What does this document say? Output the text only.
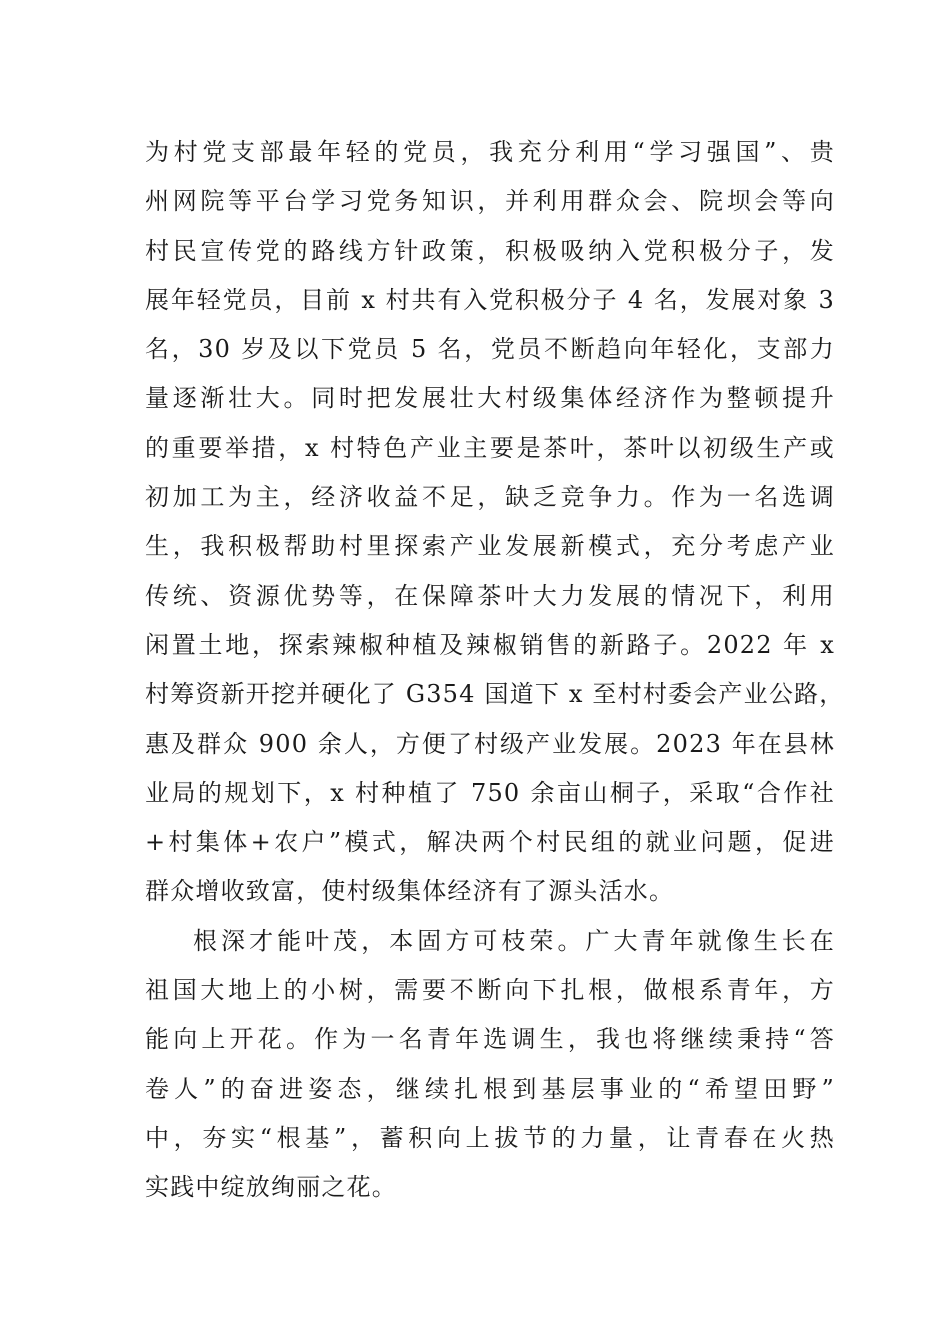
为村党支部最年轻的党员，我充分利用“学习强国”、贵
州网院等平台学习党务知识，并利用群众会、院坝会等向
村民宣传党的路线方针政策，积极吸纳入党积极分子，发
展年轻党员，目前 x 村共有入党积极分子 4 名，发展对象 3
名，30 岁及以下党员 5 名，党员不断趋向年轻化，支部力
量逐渐壮大。同时把发展壮大村级集体经济作为整顿提升
的重要举措，x 村特色产业主要是茶叶，茶叶以初级生产或
初加工为主，经济收益不足，缺乏竞争力。作为一名选调
生，我积极帮助村里探索产业发展新模式，充分考虑产业
传统、资源优势等，在保障茶叶大力发展的情况下，利用
闲置土地，探索辣椒种植及辣椒销售的新路子。2022 年 x
村筹资新开挖并硬化了 G354 国道下 x 至村村委会产业公路，
惠及群众 900 余人，方便了村级产业发展。2023 年在县林
业局的规划下，x 村种植了 750 余亩山桐子，采取“合作社
+村集体+农户”模式，解决两个村民组的就业问题，促进
群众增收致富，使村级集体经济有了源头活水。
根深才能叶茂，本固方可枝荣。广大青年就像生长在
祖国大地上的小树，需要不断向下扎根，做根系青年，方
能向上开花。作为一名青年选调生，我也将继续秉持“答
卷人”的奋进姿态，继续扎根到基层事业的“希望田野”
中，夯实“根基”，蓄积向上拔节的力量，让青春在火热
实践中绽放绚丽之花。
